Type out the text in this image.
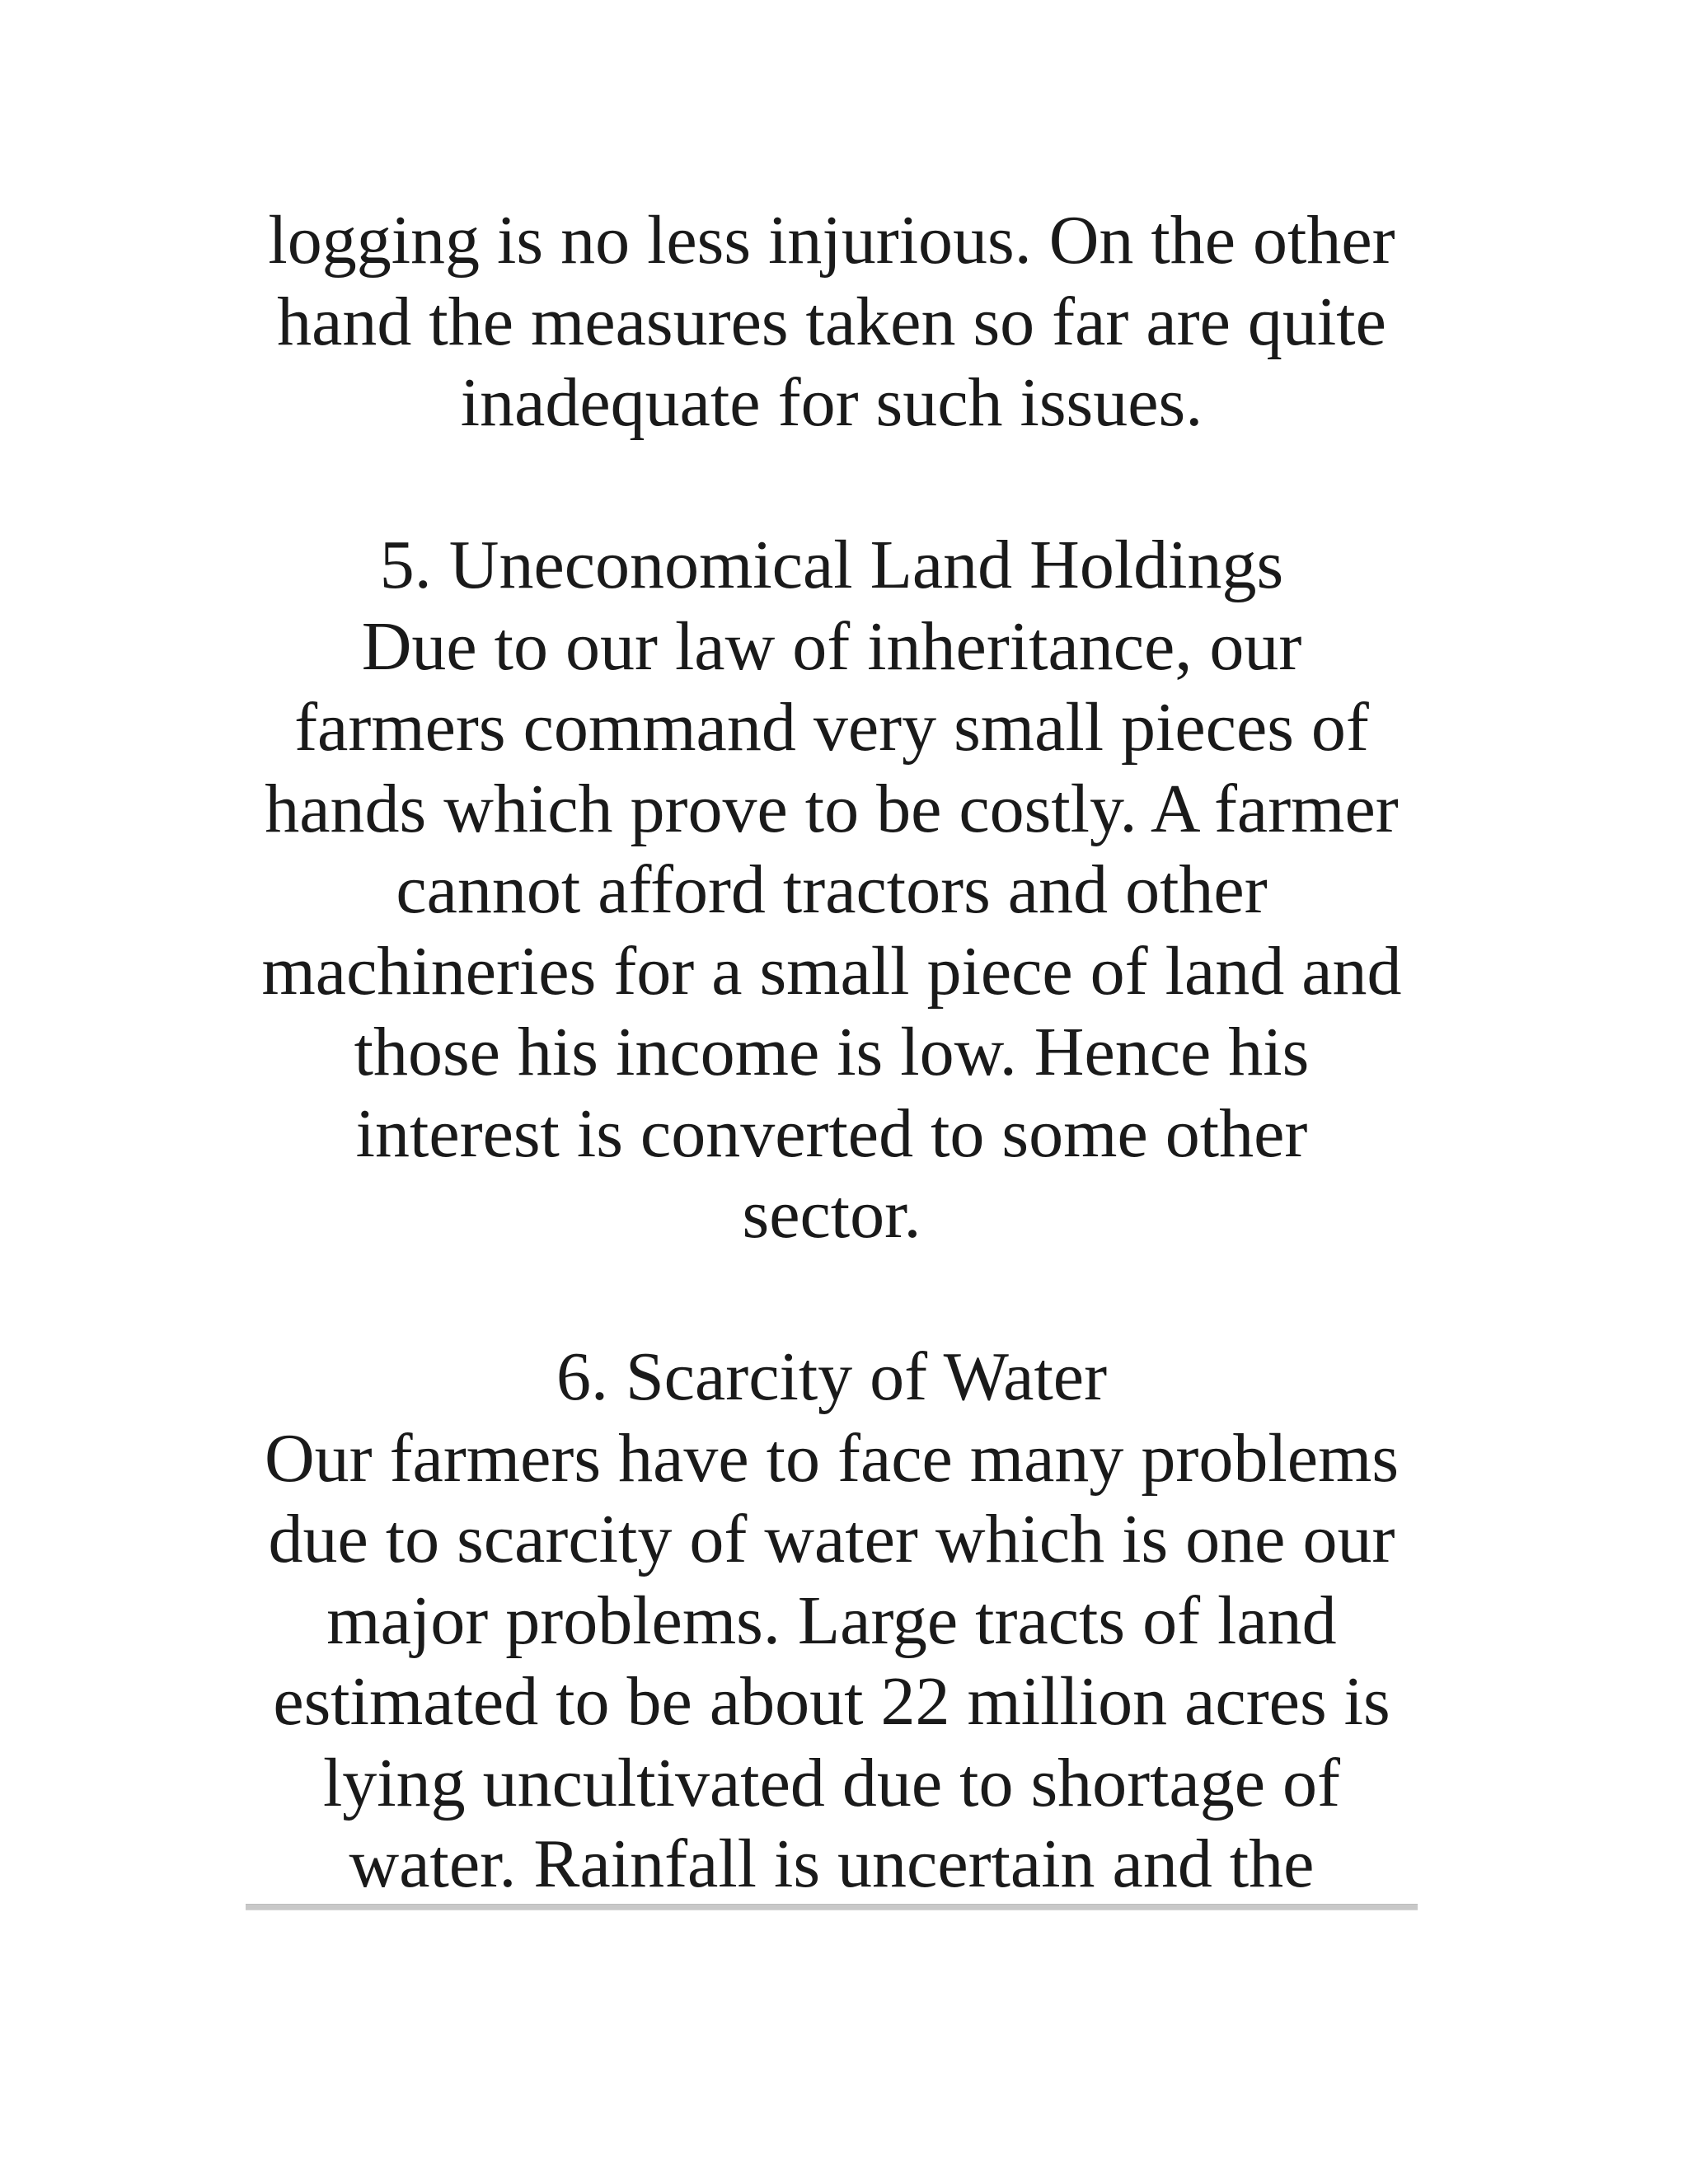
logging is no less injurious. On the other
hand the measures taken so far are quite
inadequate for such issues.
5. Uneconomical Land Holdings
Due to our law of inheritance, our
farmers command very small pieces of
hands which prove to be costly. A farmer
cannot afford tractors and other
machineries for a small piece of land and
those his income is low. Hence his
interest is converted to some other
sector.
6. Scarcity of Water
Our farmers have to face many problems
due to scarcity of water which is one our
major problems. Large tracts of land
estimated to be about 22 million acres is
lying uncultivated due to shortage of
water. Rainfall is uncertain and the
